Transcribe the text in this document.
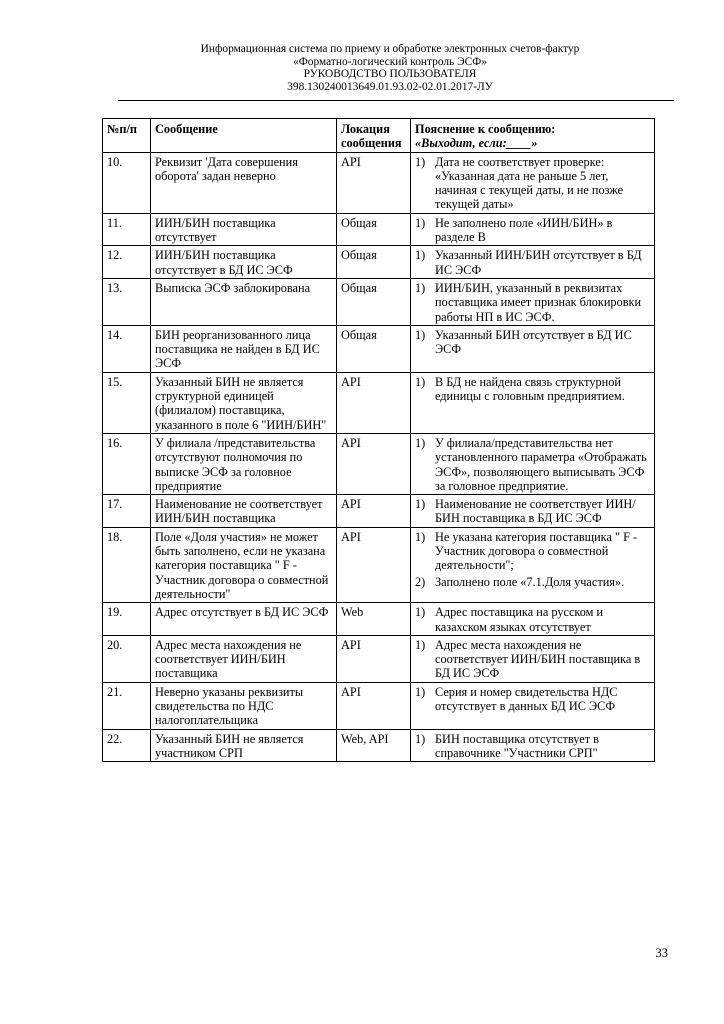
Информационная система по приему и обработке электронных счетов-фактур
«Форматно-логический контроль ЭСФ»
РУКОВОДСТВО ПОЛЬЗОВАТЕЛЯ
398.130240013649.01.93.02-02.01.2017-ЛУ
№п/п	Сообщение	Локация сообщения	Пояснение к сообщению:
«Выходит, если:____»

10.	Реквизит 'Дата совершения оборота' задан неверно	API	1) Дата не соответствует проверке: «Указанная дата не раньше 5 лет, начиная с текущей даты, и не позже текущей даты»

11.	ИИН/БИН поставщика отсутствует	Общая	1) Не заполнено поле «ИИН/БИН» в разделе В

12.	ИИН/БИН поставщика отсутствует в БД ИС ЭСФ	Общая	1) Указанный ИИН/БИН отсутствует в БД ИС ЭСФ

13.	Выписка ЭСФ заблокирована	Общая	1) ИИН/БИН, указанный в реквизитах поставщика имеет признак блокировки работы НП в ИС ЭСФ.

14.	БИН реорганизованного лица поставщика не найден в БД ИС ЭСФ	Общая	1) Указанный БИН отсутствует в БД ИС ЭСФ

15.	Указанный БИН не является структурной единицей (филиалом) поставщика, указанного в поле 6 "ИИН/БИН"	API	1) В БД не найдена связь структурной единицы с головным предприятием.

16.	У филиала /представительства отсутствуют полномочия по выписке ЭСФ за головное предприятие	API	1) У филиала/представительства нет установленного параметра «Отображать ЭСФ», позволяющего выписывать ЭСФ за головное предприятие.

17.	Наименование не соответствует ИИН/БИН поставщика	API	1) Наименование не соответствует ИИН/БИН поставщика в БД ИС ЭСФ

18.	Поле «Доля участия» не может быть заполнено, если не указана категория поставщика " F - Участник договора о совместной деятельности"	API	1) Не указана категория поставщика " F - Участник договора о совместной деятельности";
2) Заполнено поле «7.1.Доля участия».

19.	Адрес отсутствует в БД ИС ЭСФ	Web	1) Адрес поставщика на русском и казахском языках отсутствует

20.	Адрес места нахождения не соответствует ИИН/БИН поставщика	API	1) Адрес места нахождения не соответствует ИИН/БИН поставщика в БД ИС ЭСФ

21.	Неверно указаны реквизиты свидетельства по НДС налогоплательщика	API	1) Серия и номер свидетельства НДС отсутствует в данных БД ИС ЭСФ

22.	Указанный БИН не является участником СРП	Web, API	1) БИН поставщика отсутствует в справочнике "Участники СРП"
33
